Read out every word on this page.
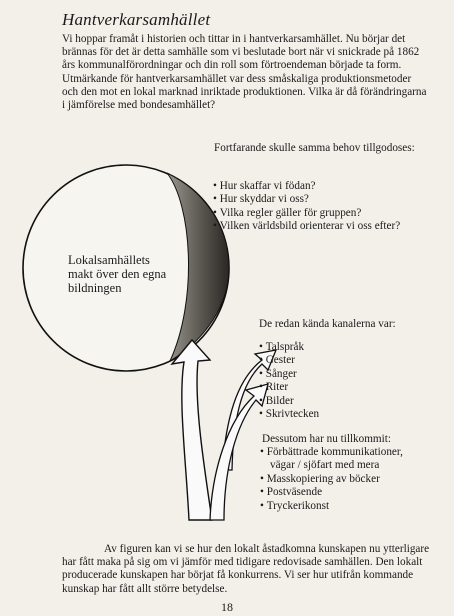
Hantverkarsamhället

Vi hoppar framåt i historien och tittar in i hantverkarsamhället. Nu börjar det brännas för det är detta samhälle som vi beslutade bort när vi snickrade på 1862 års kommunalförordningar och din roll som förtroendeman började ta form. Utmärkande för hantverkarsamhället var dess småskaliga produktionsmetoder och den mot en lokal marknad inriktade produktionen. Vilka är då förändringarna i jämförelse med bondesamhället?

Lokalsamhällets makt över den egna bildningen
Fortfarande skulle samma behov tillgodoses:
• Hur skaffar vi födan?
• Hur skyddar vi oss?
• Vilka regler gäller för gruppen?
• Vilken världsbild orienterar vi oss efter?
De redan kända kanalerna var:
• Talspråk
• Gester
• Sånger
• Riter
• Bilder
• Skrivtecken
Dessutom har nu tillkommit:
• Förbättrade kommunikationer,
vägar / sjöfart med mera
• Masskopiering av böcker
• Postväsende
• Tryckerikonst

Av figuren kan vi se hur den lokalt åstadkomna kunskapen nu ytterligare har fått maka på sig om vi jämför med tidigare redovisade samhällen. Den lokalt producerade kunskapen har börjat få konkurrens. Vi ser hur utifrån kommande kunskap har fått allt större betydelse.

18
